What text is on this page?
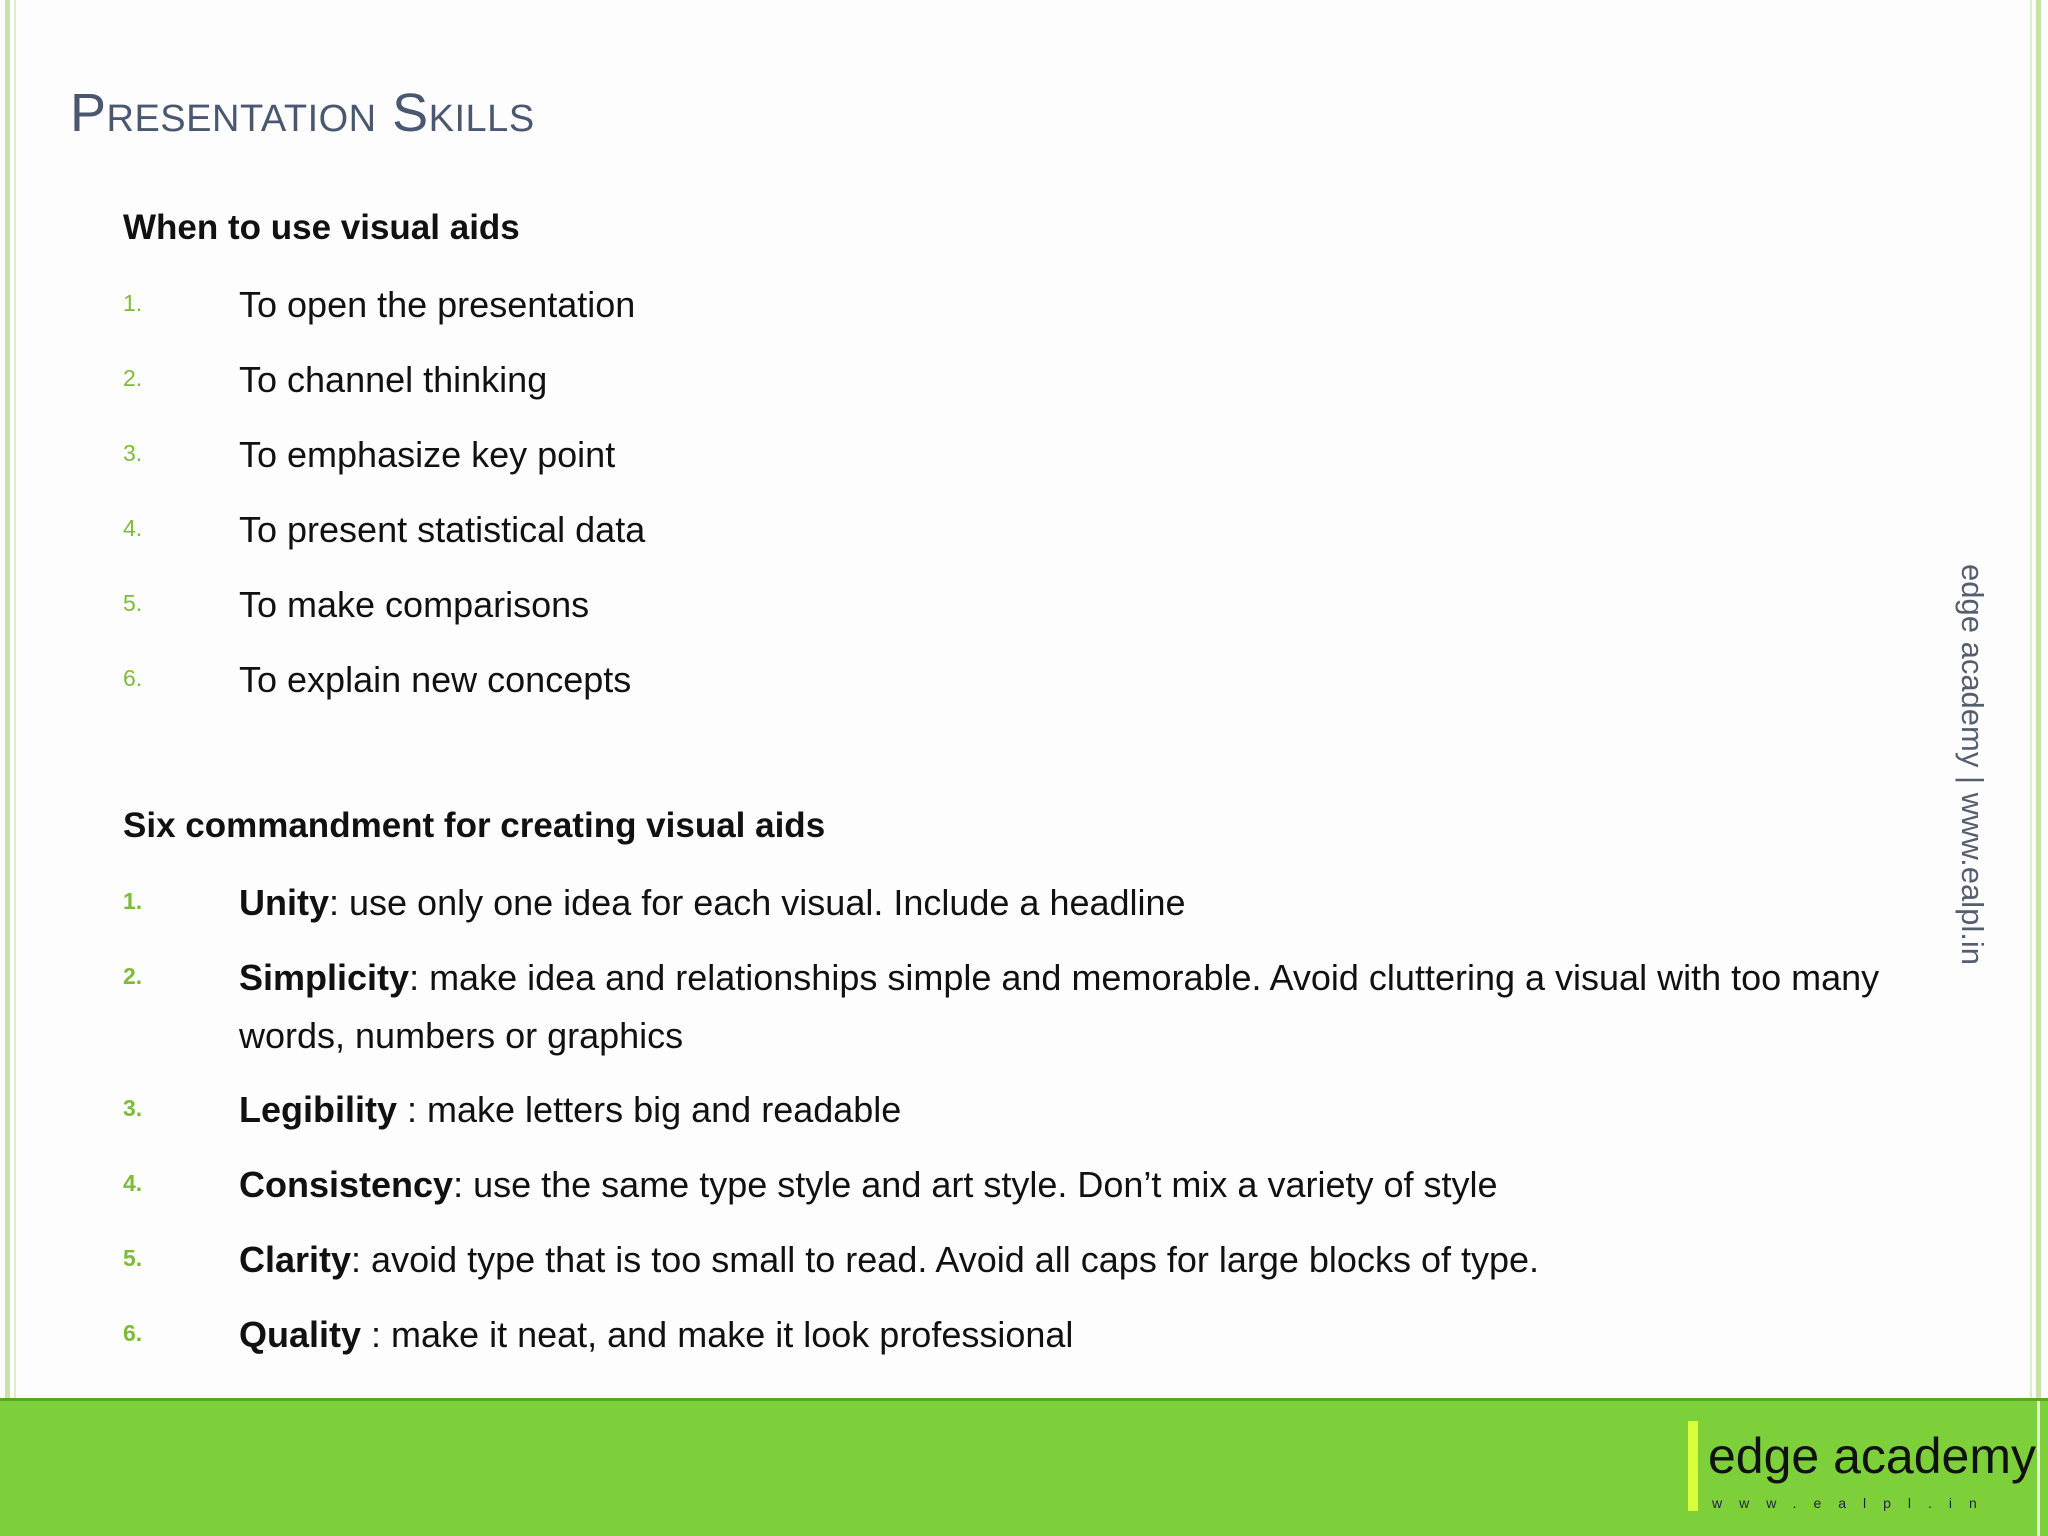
Presentation Skills
When to use visual aids
1.	To open the presentation
2.	To channel thinking
3.	To emphasize key point
4.	To present statistical data
5.	To make comparisons
6.	To explain new concepts
Six commandment for creating visual aids
1.	Unity: use only one idea for each visual. Include a headline
2.	Simplicity: make idea and relationships simple and memorable. Avoid cluttering a visual with too many words, numbers or graphics
3.	Legibility : make letters big and readable
4.	Consistency: use the same type style and art style. Don’t mix a variety of style
5.	Clarity: avoid type that is too small to read. Avoid all caps for large blocks of type.
6.	Quality : make it neat, and make it look professional
edge academy | www.ealpl.in
edge academy
www.ealpl.in
